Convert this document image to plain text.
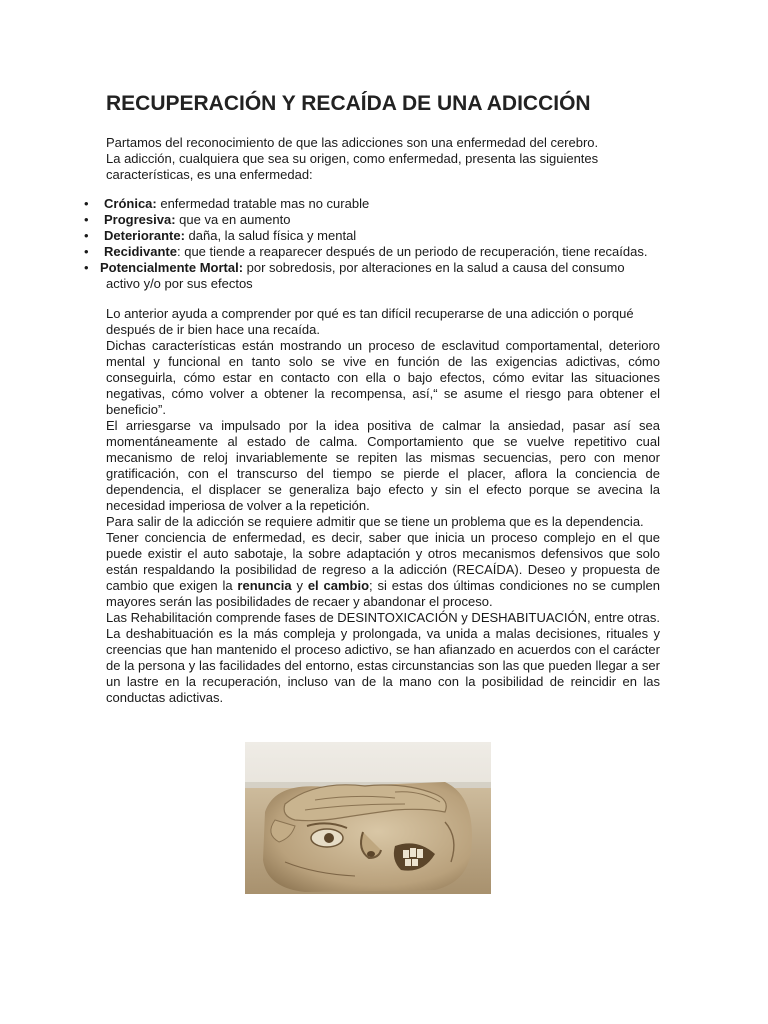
RECUPERACIÓN Y RECAÍDA DE UNA ADICCIÓN

Partamos del reconocimiento de que las adicciones son una enfermedad del cerebro.

La adicción, cualquiera que sea su origen, como enfermedad, presenta las siguientes características, es una enfermedad:

• Crónica: enfermedad tratable mas no curable
• Progresiva: que va en aumento
• Deteriorante: daña, la salud física y mental
• Recidivante: que tiende a reaparecer después de un periodo de recuperación, tiene recaídas.
• Potencialmente Mortal: por sobredosis, por alteraciones en la salud a causa del consumo
activo y/o por sus efectos

Lo anterior ayuda a comprender por qué es tan difícil recuperarse de una adicción o porqué después de ir bien hace una recaída.

Dichas características están mostrando un proceso de esclavitud comportamental, deterioro mental y funcional en tanto solo se vive en función de las exigencias adictivas, cómo conseguirla, cómo estar en contacto con ella o bajo efectos, cómo evitar las situaciones negativas, cómo volver a obtener la recompensa, así,“ se asume el riesgo para obtener el beneficio”.

El arriesgarse va impulsado por la idea positiva de calmar la ansiedad, pasar así sea momentáneamente al estado de calma. Comportamiento que se vuelve repetitivo cual mecanismo de reloj invariablemente se repiten las mismas secuencias, pero con menor gratificación, con el transcurso del tiempo se pierde el placer, aflora la conciencia de dependencia, el displacer se generaliza bajo efecto y sin el efecto porque se avecina la necesidad imperiosa de volver a la repetición.

Para salir de la adicción se requiere admitir que se tiene un problema que es la dependencia.

Tener conciencia de enfermedad, es decir, saber que inicia un proceso complejo en el que puede existir el auto sabotaje, la sobre adaptación y otros mecanismos defensivos que solo están respaldando la posibilidad de regreso a la adicción (RECAÍDA). Deseo y propuesta de cambio que exigen la renuncia y el cambio; si estas dos últimas condiciones no se cumplen mayores serán las posibilidades de recaer y abandonar el proceso.

Las Rehabilitación comprende fases de DESINTOXICACIÓN y DESHABITUACIÓN, entre otras. La deshabituación es la más compleja y prolongada, va unida a malas decisiones, rituales y creencias que han mantenido el proceso adictivo, se han afianzado en acuerdos con el carácter de la persona y las facilidades del entorno, estas circunstancias son las que pueden llegar a ser un lastre en la recuperación, incluso van de la mano con la posibilidad de reincidir en las conductas adictivas.
